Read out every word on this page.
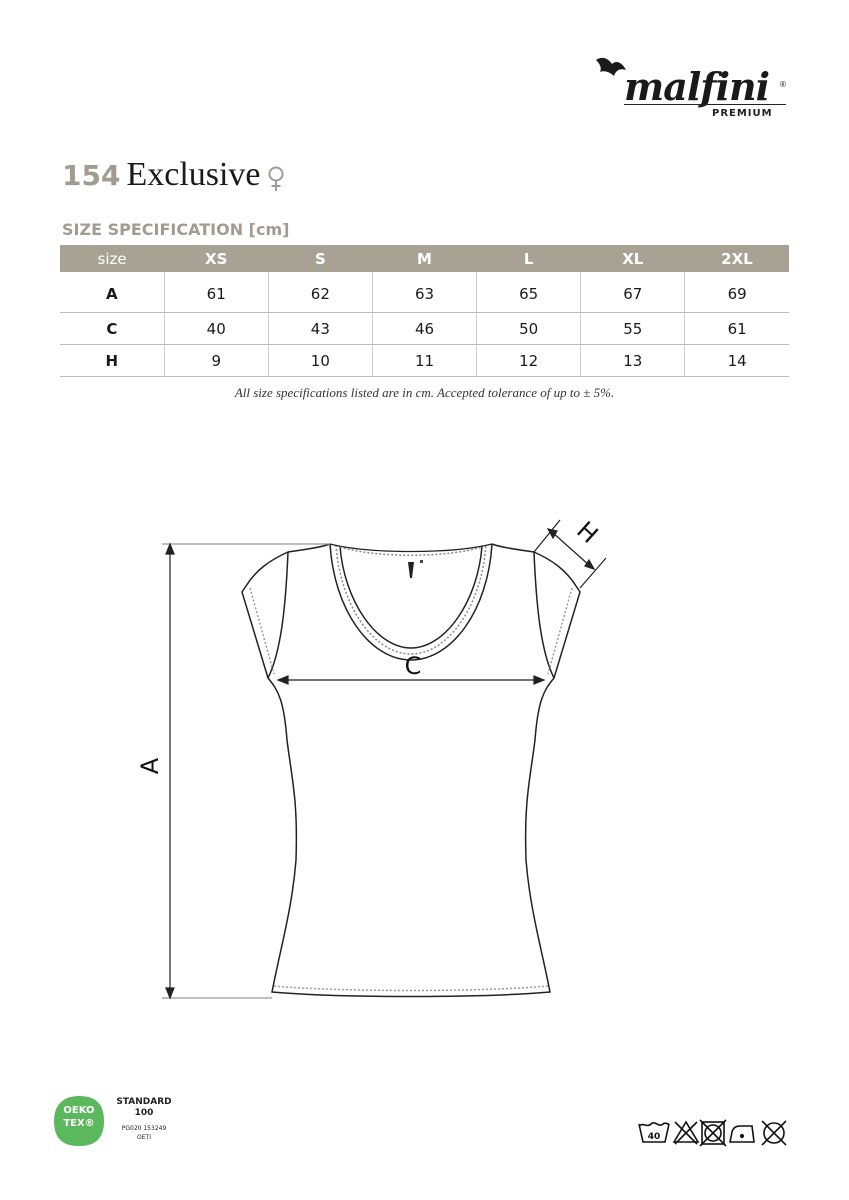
malfini ®
PREMIUM
154 Exclusive
SIZE SPECIFICATION [cm]
size	XS	S	M	L	XL	2XL
A	61	62	63	65	67	69
C	40	43	46	50	55	61
H	9	10	11	12	13	14
All size specifications listed are in cm. Accepted tolerance of up to ± 5%.
A
C
H
OEKO
TEX®
STANDARD
100
PG020 153249
OETI	40
